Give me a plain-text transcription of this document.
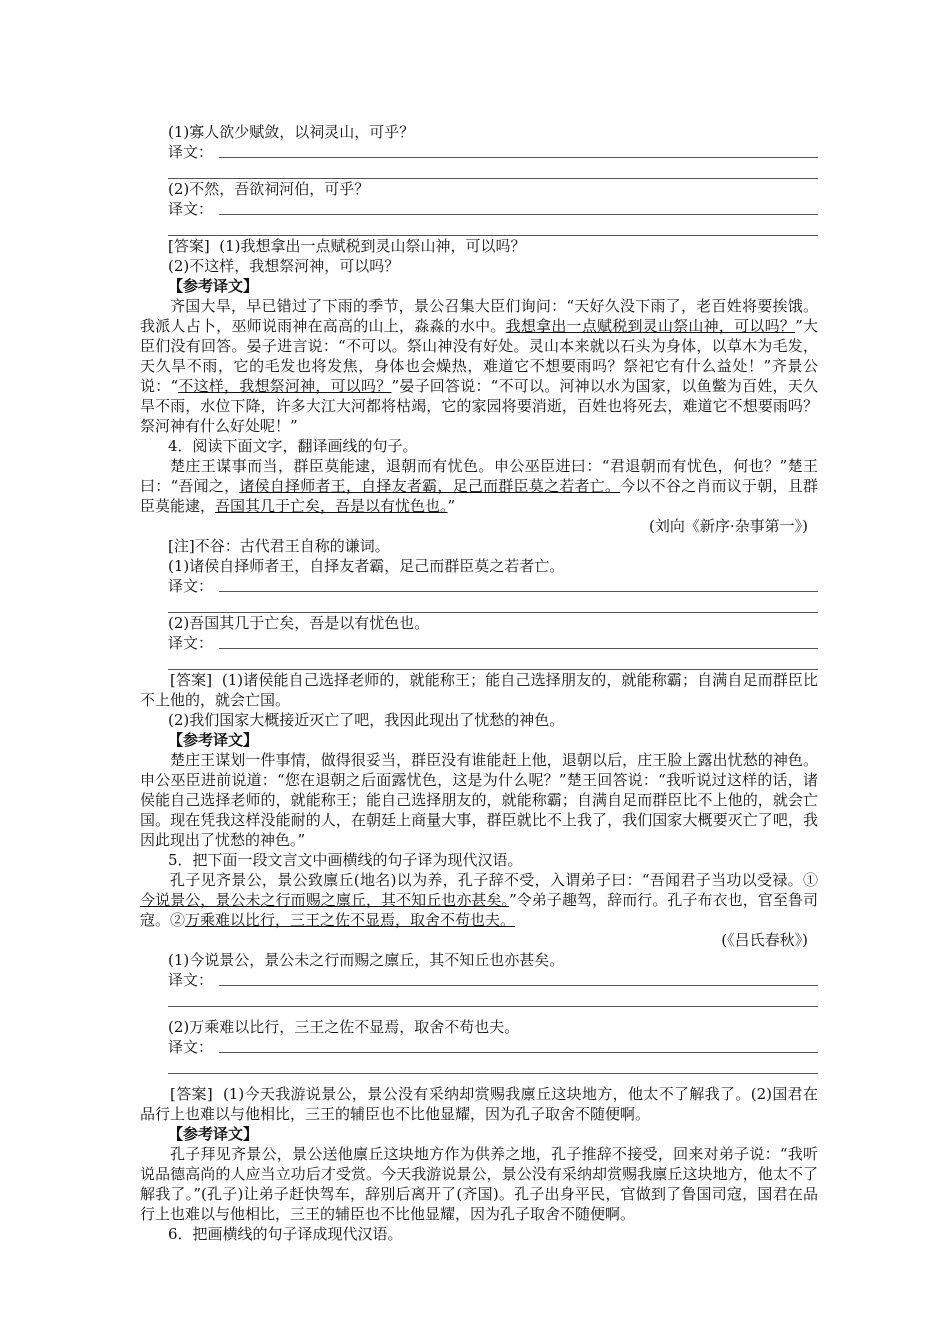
(1)寡人欲少赋敛，以祠灵山，可乎？

译文：

(2)不然，吾欲祠河伯，可乎？

译文：

[答案] (1)我想拿出一点赋税到灵山祭山神，可以吗？

(2)不这样，我想祭河神，可以吗？

【参考译文】

齐国大旱，早已错过了下雨的季节，景公召集大臣们询问：“天好久没下雨了，老百姓将要挨饿。我派人占卜，巫师说雨神在高高的山上，淼淼的水中。我想拿出一点赋税到灵山祭山神，可以吗？”大臣们没有回答。晏子进言说：“不可以。祭山神没有好处。灵山本来就以石头为身体，以草木为毛发，天久旱不雨，它的毛发也将发焦，身体也会燥热，难道它不想要雨吗？祭祀它有什么益处！”齐景公说：“不这样，我想祭河神，可以吗？”晏子回答说：“不可以。河神以水为国家，以鱼鳖为百姓，天久旱不雨，水位下降，许多大江大河都将枯竭，它的家园将要消逝，百姓也将死去，难道它不想要雨吗？祭河神有什么好处呢！”

4．阅读下面文字，翻译画线的句子。

楚庄王谋事而当，群臣莫能逮，退朝而有忧色。申公巫臣进曰：“君退朝而有忧色，何也？”楚王曰：“吾闻之，诸侯自择师者王，自择友者霸，足己而群臣莫之若者亡。今以不谷之肖而议于朝，且群臣莫能逮，吾国其几于亡矣，吾是以有忧色也。”

(刘向《新序·杂事第一》)

[注]不谷：古代君王自称的谦词。

(1)诸侯自择师者王，自择友者霸，足己而群臣莫之若者亡。

译文：

(2)吾国其几于亡矣，吾是以有忧色也。

译文：

[答案] (1)诸侯能自己选择老师的，就能称王；能自己选择朋友的，就能称霸；自满自足而群臣比不上他的，就会亡国。

(2)我们国家大概接近灭亡了吧，我因此现出了忧愁的神色。

【参考译文】

楚庄王谋划一件事情，做得很妥当，群臣没有谁能赶上他，退朝以后，庄王脸上露出忧愁的神色。申公巫臣进前说道：“您在退朝之后面露忧色，这是为什么呢？”楚王回答说：“我听说过这样的话，诸侯能自己选择老师的，就能称王；能自己选择朋友的，就能称霸；自满自足而群臣比不上他的，就会亡国。现在凭我这样没能耐的人，在朝廷上商量大事，群臣就比不上我了，我们国家大概要灭亡了吧，我因此现出了忧愁的神色。”

5．把下面一段文言文中画横线的句子译为现代汉语。

孔子见齐景公，景公致廪丘(地名)以为养，孔子辞不受，入谓弟子曰：“吾闻君子当功以受禄。①今说景公，景公未之行而赐之廪丘，其不知丘也亦甚矣。”令弟子趣驾，辞而行。孔子布衣也，官至鲁司寇。②万乘难以比行，三王之佐不显焉，取舍不苟也夫。

(《吕氏春秋》)

(1)今说景公，景公未之行而赐之廪丘，其不知丘也亦甚矣。

译文：

(2)万乘难以比行，三王之佐不显焉，取舍不苟也夫。

译文：

[答案] (1)今天我游说景公，景公没有采纳却赏赐我廪丘这块地方，他太不了解我了。(2)国君在品行上也难以与他相比，三王的辅臣也不比他显耀，因为孔子取舍不随便啊。

【参考译文】

孔子拜见齐景公，景公送他廪丘这块地方作为供养之地，孔子推辞不接受，回来对弟子说：“我听说品德高尚的人应当立功后才受赏。今天我游说景公，景公没有采纳却赏赐我廪丘这块地方，他太不了解我了。”(孔子)让弟子赶快驾车，辞别后离开了(齐国)。孔子出身平民，官做到了鲁国司寇，国君在品行上也难以与他相比，三王的辅臣也不比他显耀，因为孔子取舍不随便啊。

6．把画横线的句子译成现代汉语。
